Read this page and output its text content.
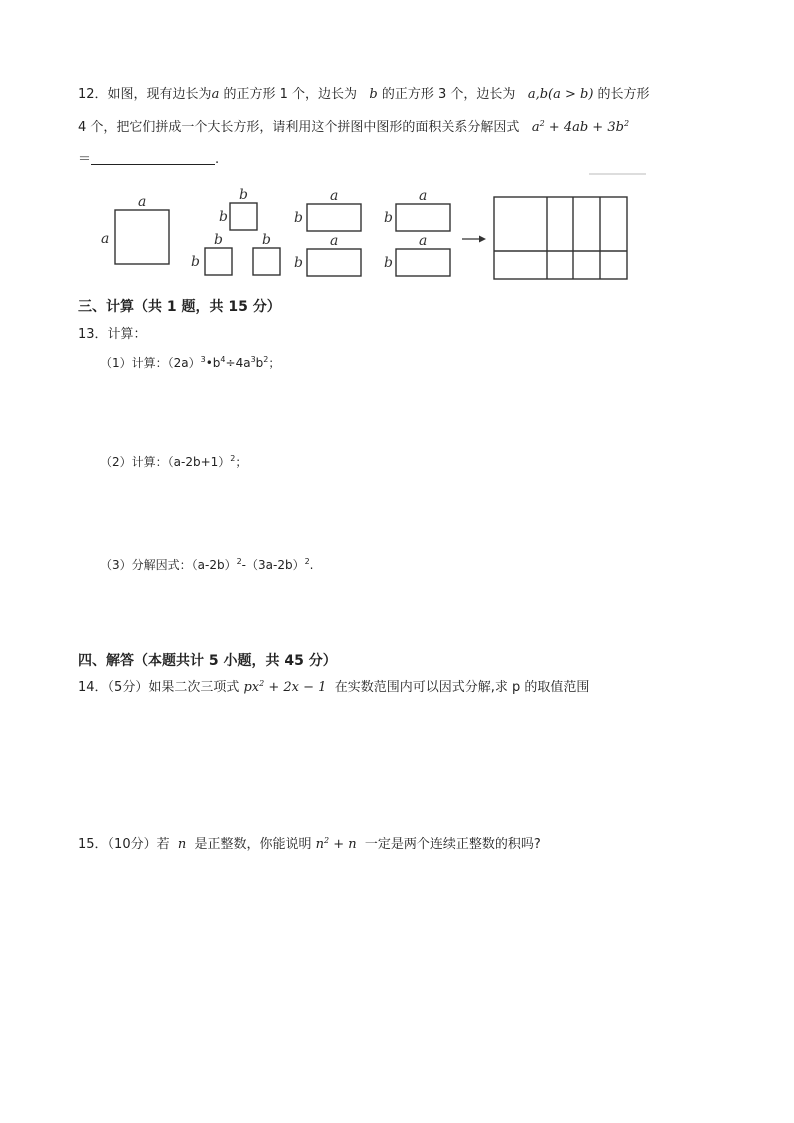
12．如图，现有边长为a 的正方形 1 个，边长为 b 的正方形 3 个，边长为 a,b(a > b) 的长方形
4 个，把它们拼成一个大长方形，请利用这个拼图中图形的面积关系分解因式 $a^2 + 4ab + 3b^2$
＝	.
a
a
b
b
b
b
b
a
b
a
b
a
b
a
b
三、计算（共 1 题，共 15 分）
13．计算：
（1）计算：$(2a)^3•b^4\div 4a^3b^2$；
（2）计算：$(a-2b+1)^2$；
（3）分解因式：$(a-2b)^2-(3a-2b)^2$.
四、解答（本题共计 5 小题，共 45 分）
14．（5分）如果二次三项式 $px^2 + 2x - 1$ 在实数范围内可以因式分解,求 p 的取值范围
15．（10分）若 n 是正整数，你能说明 $n^2 + n$ 一定是两个连续正整数的积吗?
